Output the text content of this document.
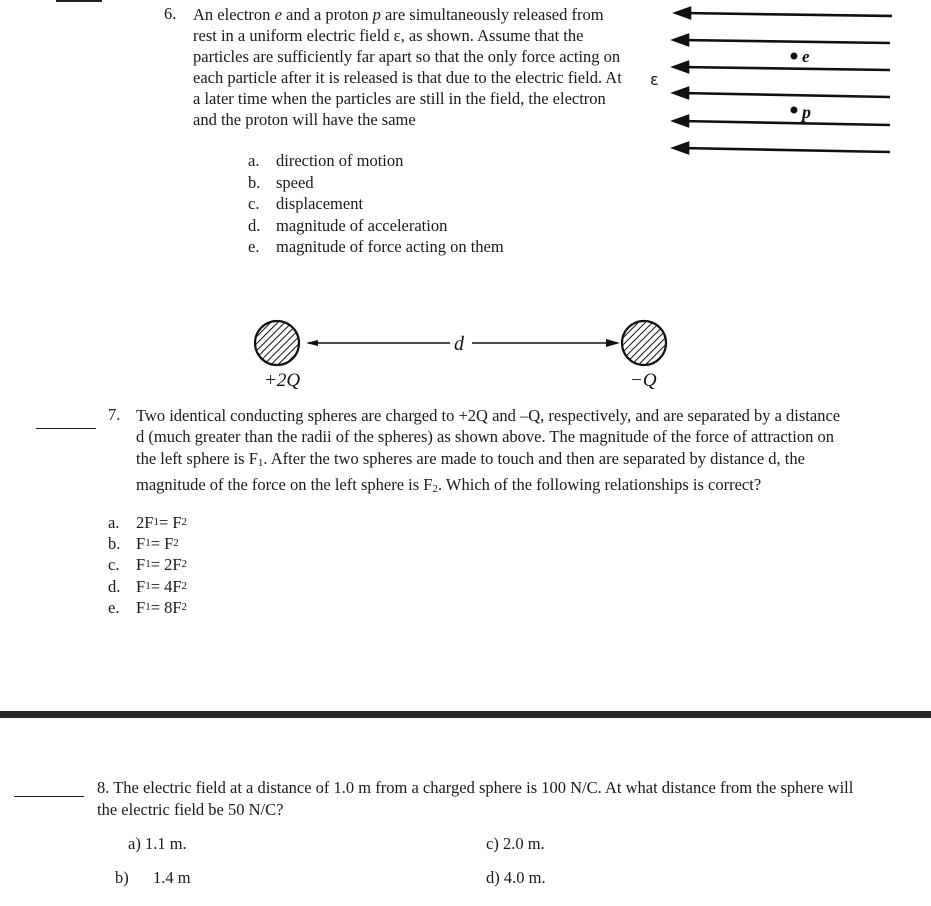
6. An electron e and a proton p are simultaneously released from rest in a uniform electric field ε, as shown. Assume that the particles are sufficiently far apart so that the only force acting on each particle after it is released is that due to the electric field. At a later time when the particles are still in the field, the electron and the proton will have the same
a.	direction of motion
b. speed
c.	displacement
d. magnitude of acceleration
e.	magnitude of force acting on them
ε
e
p
d
+2Q	−Q
7. Two identical conducting spheres are charged to +2Q and –Q, respectively, and are separated by a distance d (much greater than the radii of the spheres) as shown above. The magnitude of the force of attraction on the left sphere is F1. After the two spheres are made to touch and then are separated by distance d, the magnitude of the force on the left sphere is F2. Which of the following relationships is correct?
a.	2F 1 = F 2
b. F 1 = F 2
c.	F 1 = 2F 2
d. F 1 = 4F 2
e.	F 1 = 8F 2
8. The electric field at a distance of 1.0 m from a charged sphere is 100 N/C. At what distance from the sphere will the electric field be 50 N/C?
a) 1.1 m.
b) 1.4 m
c) 2.0 m.
d) 4.0 m.
